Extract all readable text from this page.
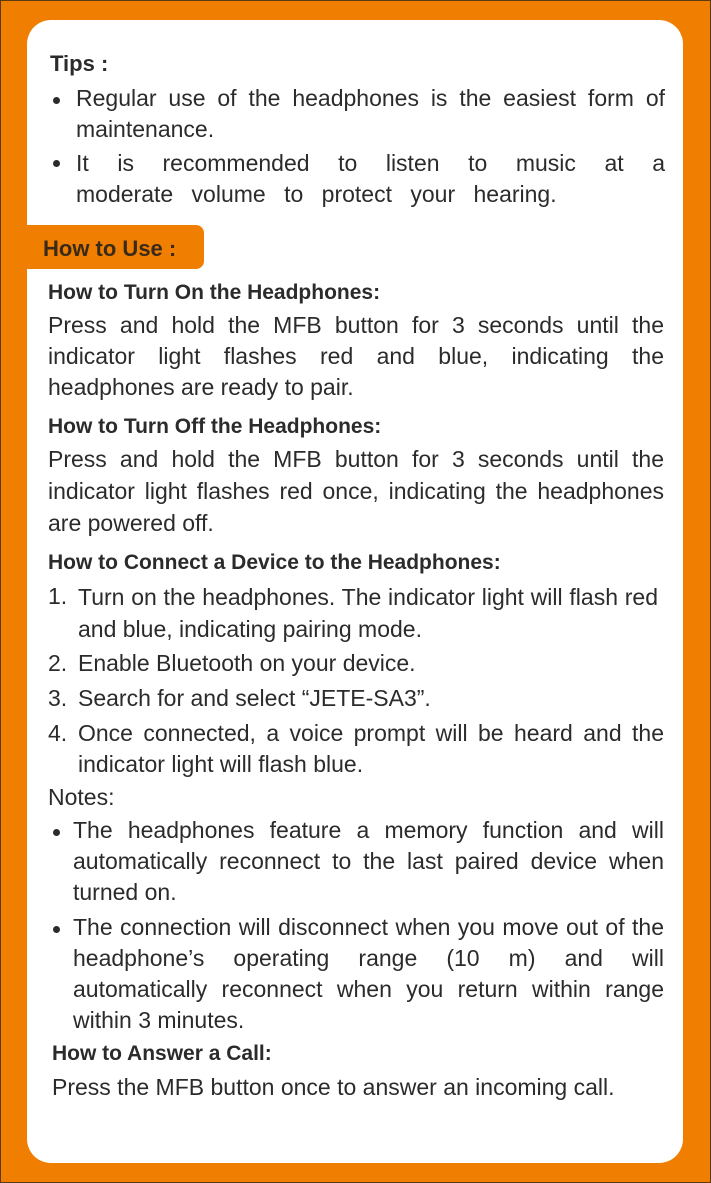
Tips :
Regular use of the headphones is the easiest form of maintenance.
It is recommended to listen to music at a moderate volume to protect your hearing.
How to Use :
How to Turn On the Headphones:
Press and hold the MFB button for 3 seconds until the indicator light flashes red and blue, indicating the headphones are ready to pair.
How to Turn Off the Headphones:
Press and hold the MFB button for 3 seconds until the indicator light flashes red once, indicating the headphones are powered off.
How to Connect a Device to the Headphones:
1. Turn on the headphones. The indicator light will flash red and blue, indicating pairing mode.
2. Enable Bluetooth on your device.
3. Search for and select “JETE-SA3”.
4. Once connected, a voice prompt will be heard and the indicator light will flash blue.
Notes:
The headphones feature a memory function and will automatically reconnect to the last paired device when turned on.
The connection will disconnect when you move out of the headphone’s operating range (10 m) and will automatically reconnect when you return within range within 3 minutes.
How to Answer a Call:
Press the MFB button once to answer an incoming call.
